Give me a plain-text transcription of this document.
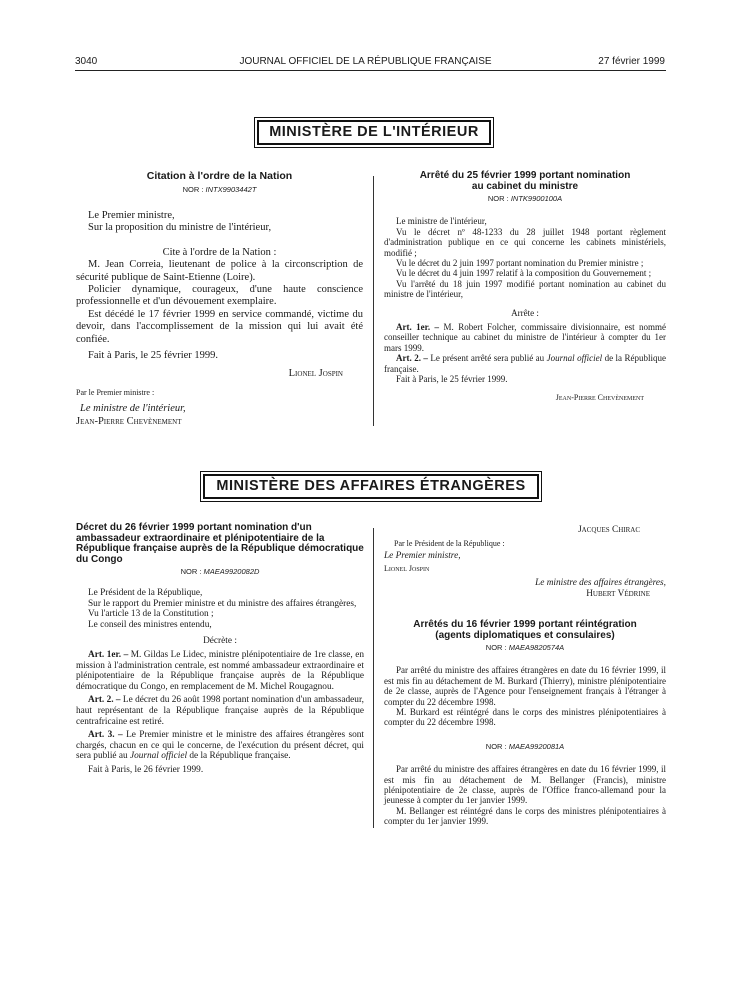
3040	JOURNAL OFFICIEL DE LA RÉPUBLIQUE FRANÇAISE	27 février 1999
MINISTÈRE DE L'INTÉRIEUR
Citation à l'ordre de la Nation
NOR : INTX9903442T

Le Premier ministre,

Sur la proposition du ministre de l'intérieur,

Cite à l'ordre de la Nation :

M. Jean Correia, lieutenant de police à la circonscription de sécurité publique de Saint-Etienne (Loire).

Policier dynamique, courageux, d'une haute conscience professionnelle et d'un dévouement exemplaire.

Est décédé le 17 février 1999 en service commandé, victime du devoir, dans l'accomplissement de la mission qui lui avait été confiée.

Fait à Paris, le 25 février 1999.

Lionel Jospin

Par le Premier ministre :

Le ministre de l'intérieur,

Jean-Pierre Chevènement

Arrêté du 25 février 1999 portant nomination
au cabinet du ministre
NOR : INTK9900100A

Le ministre de l'intérieur,

Vu le décret nº 48-1233 du 28 juillet 1948 portant règlement d'administration publique en ce qui concerne les cabinets ministériels, modifié ;

Vu le décret du 2 juin 1997 portant nomination du Premier ministre ;

Vu le décret du 4 juin 1997 relatif à la composition du Gouvernement ;

Vu l'arrêté du 18 juin 1997 modifié portant nomination au cabinet du ministre de l'intérieur,

Arrête :

Art. 1er. – M. Robert Folcher, commissaire divisionnaire, est nommé conseiller technique au cabinet du ministre de l'intérieur à compter du 1er mars 1999.

Art. 2. – Le présent arrêté sera publié au Journal officiel de la République française.

Fait à Paris, le 25 février 1999.

Jean-Pierre Chevènement

MINISTÈRE DES AFFAIRES ÉTRANGÈRES
Décret du 26 février 1999 portant nomination d'un ambassadeur extraordinaire et plénipotentiaire de la République française auprès de la République démocratique du Congo
NOR : MAEA9920082D

Le Président de la République,

Sur le rapport du Premier ministre et du ministre des affaires étrangères,

Vu l'article 13 de la Constitution ;

Le conseil des ministres entendu,

Décrète :

Art. 1er. – M. Gildas Le Lidec, ministre plénipotentiaire de 1re classe, en mission à l'administration centrale, est nommé ambassadeur extraordinaire et plénipotentiaire de la République française auprès de la République démocratique du Congo, en remplacement de M. Michel Rougagnou.

Art. 2. – Le décret du 26 août 1998 portant nomination d'un ambassadeur, haut représentant de la République française auprès de la République centrafricaine est retiré.

Art. 3. – Le Premier ministre et le ministre des affaires étrangères sont chargés, chacun en ce qui le concerne, de l'exécution du présent décret, qui sera publié au Journal officiel de la République française.

Fait à Paris, le 26 février 1999.

Jacques Chirac

Par le Président de la République :

Le Premier ministre,

Lionel Jospin

Le ministre des affaires étrangères,

Hubert Védrine

Arrêtés du 16 février 1999 portant réintégration
(agents diplomatiques et consulaires)
NOR : MAEA9820574A

Par arrêté du ministre des affaires étrangères en date du 16 février 1999, il est mis fin au détachement de M. Burkard (Thierry), ministre plénipotentiaire de 2e classe, auprès de l'Agence pour l'enseignement français à l'étranger à compter du 22 décembre 1998.

M. Burkard est réintégré dans le corps des ministres plénipotentiaires à compter du 22 décembre 1998.

NOR : MAEA9920081A

Par arrêté du ministre des affaires étrangères en date du 16 février 1999, il est mis fin au détachement de M. Bellanger (Francis), ministre plénipotentiaire de 2e classe, auprès de l'Office franco-allemand pour la jeunesse à compter du 1er janvier 1999.

M. Bellanger est réintégré dans le corps des ministres plénipotentiaires à compter du 1er janvier 1999.
